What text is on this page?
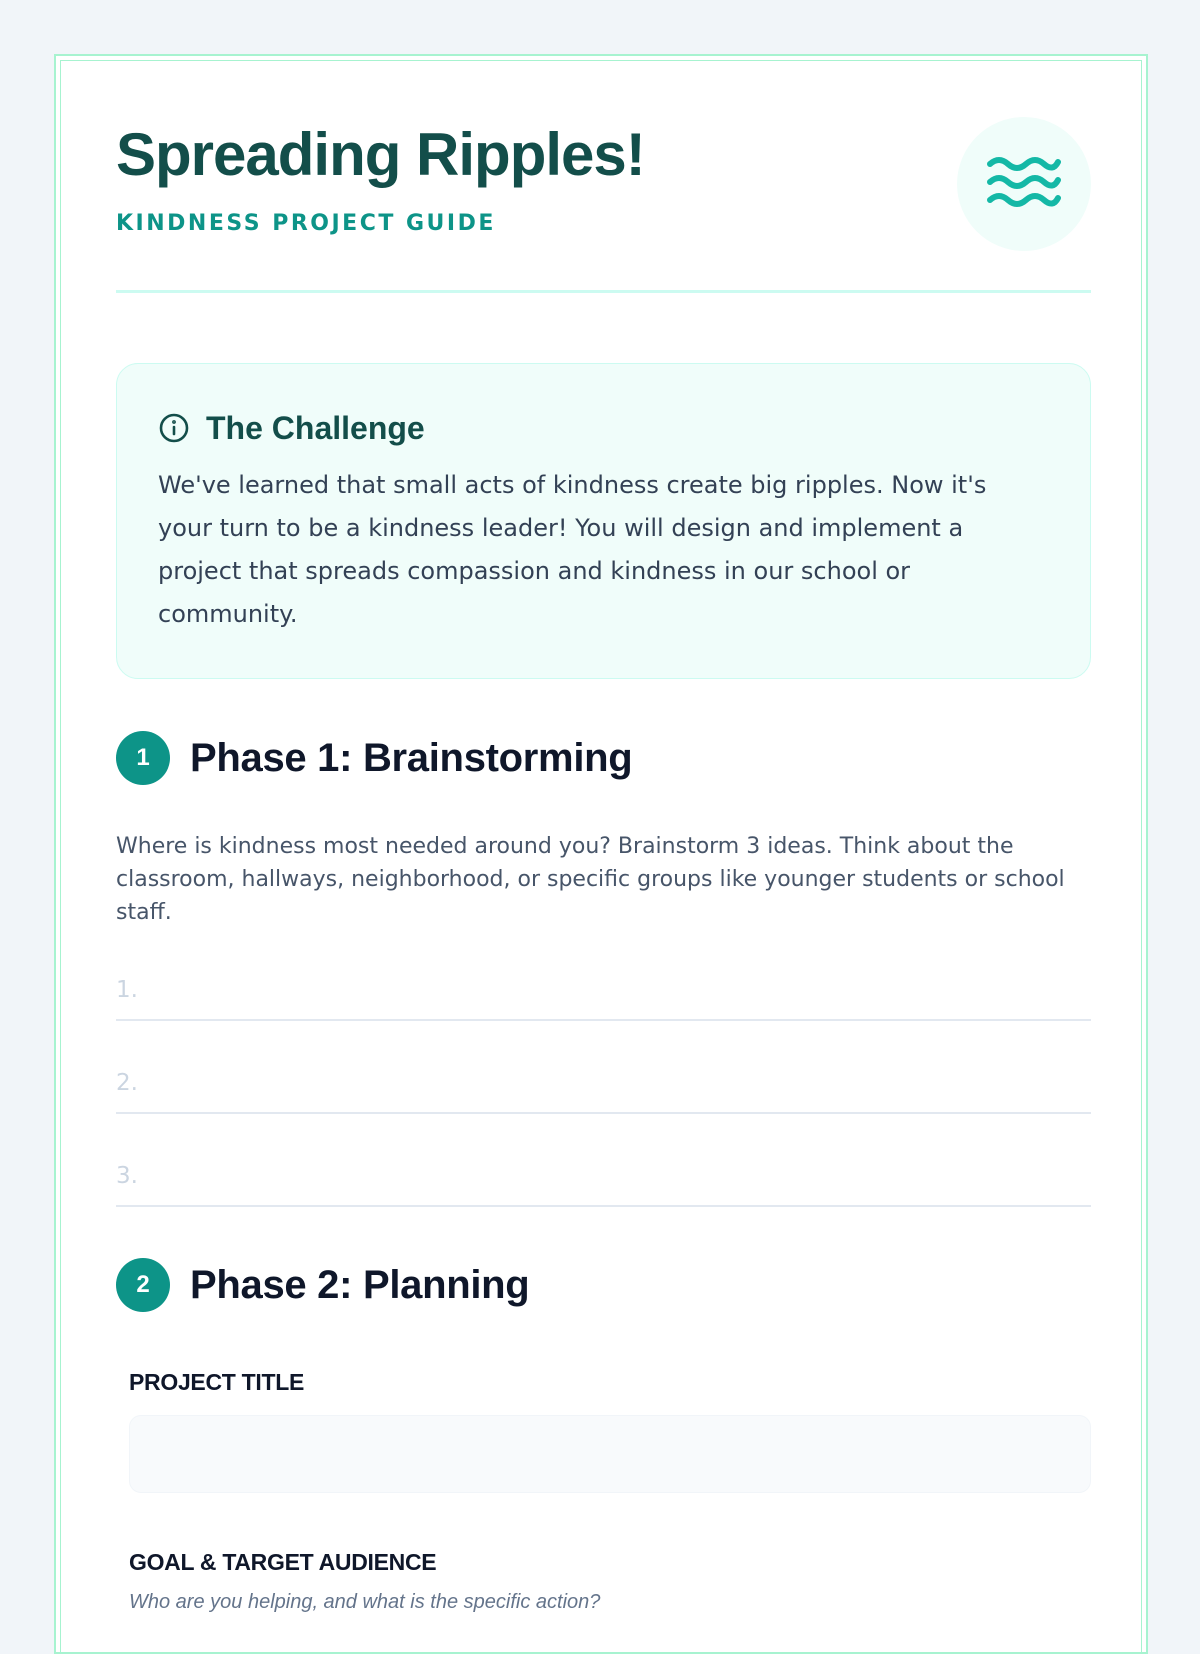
Spreading Ripples!
KINDNESS PROJECT GUIDE
The Challenge

We've learned that small acts of kindness create big ripples. Now it's your turn to be a kindness leader! You will design and implement a project that spreads compassion and kindness in our school or community.

1	Phase 1: Brainstorming

Where is kindness most needed around you? Brainstorm 3 ideas. Think about the classroom, hallways, neighborhood, or specific groups like younger students or school staff.

1.
2.
3.
2	Phase 2: Planning
PROJECT TITLE
GOAL & TARGET AUDIENCE
Who are you helping, and what is the specific action?
